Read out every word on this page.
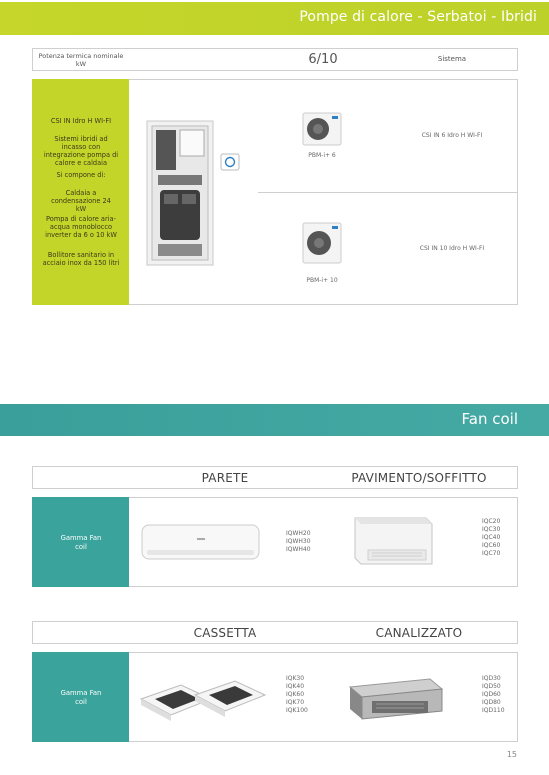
Pompe di calore - Serbatoi - Ibridi
Potenza termica nominale kW	6/10	Sistema
CSI IN Idro H WI-FI
Sistemi ibridi ad incasso con integrazione pompa di calore e caldaia
Si compone di:
Caldaia a condensazione 24 kW
Pompa di calore aria-acqua monoblocco inverter da 6 o 10 kW
Bollitore sanitario in acciaio inox da 150 litri
PBM-i+ 6
PBM-i+ 10
CSI IN 6 Idro H WI-FI
CSI IN 10 Idro H WI-FI
Fan coil
PARETE	PAVIMENTO/SOFFITTO
Gamma Fan coil
IQWH20
IQWH30
IQWH40
IQC20
IQC30
IQC40
IQC60
IQC70
CASSETTA	CANALIZZATO
Gamma Fan coil
IQK30
IQK40
IQK60
IQK70
IQK100
IQD30
IQD50
IQD60
IQD80
IQD110
15
